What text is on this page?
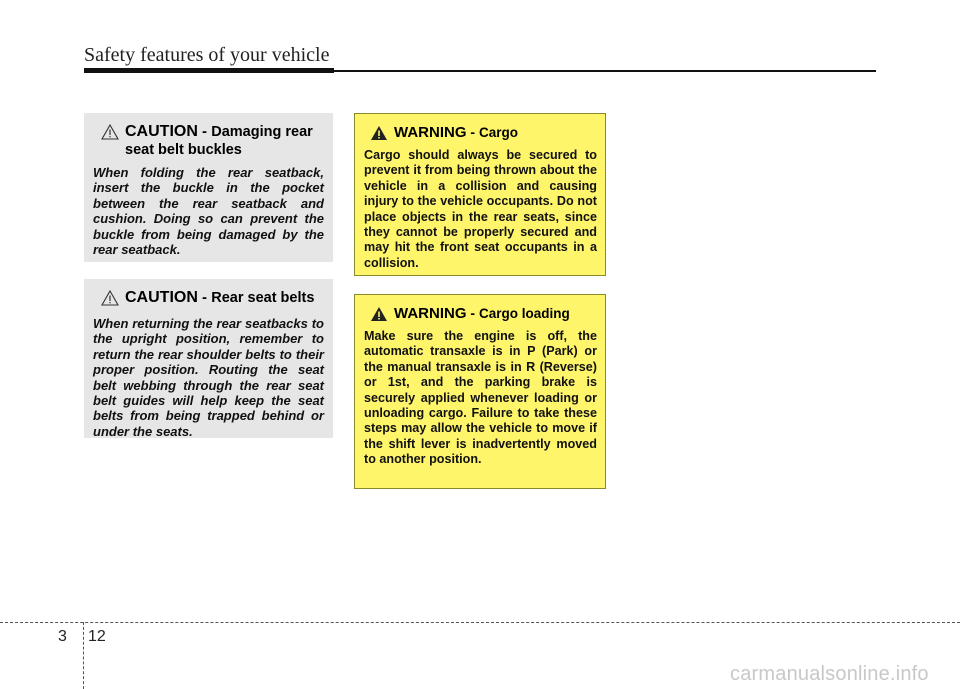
Safety features of your vehicle
CAUTION - Damaging rear seat belt buckles
When folding the rear seatback, insert the buckle in the pocket between the rear seatback and cushion. Doing so can prevent the buckle from being damaged by the rear seatback.
CAUTION - Rear seat belts
When returning the rear seatbacks to the upright position, remember to return the rear shoulder belts to their proper position. Routing the seat belt webbing through the rear seat belt guides will help keep the seat belts from being trapped behind or under the seats.
WARNING - Cargo
Cargo should always be secured to prevent it from being thrown about the vehicle in a collision and causing injury to the vehicle occupants. Do not place objects in the rear seats, since they cannot be properly secured and may hit the front seat occupants in a collision.
WARNING - Cargo loading
Make sure the engine is off, the automatic transaxle is in P (Park) or the manual transaxle is in R (Reverse) or 1st, and the parking brake is securely applied whenever loading or unloading cargo. Failure to take these steps may allow the vehicle to move if the shift lever is inadvertently moved to another position.
3 12
carmanualsonline.info
